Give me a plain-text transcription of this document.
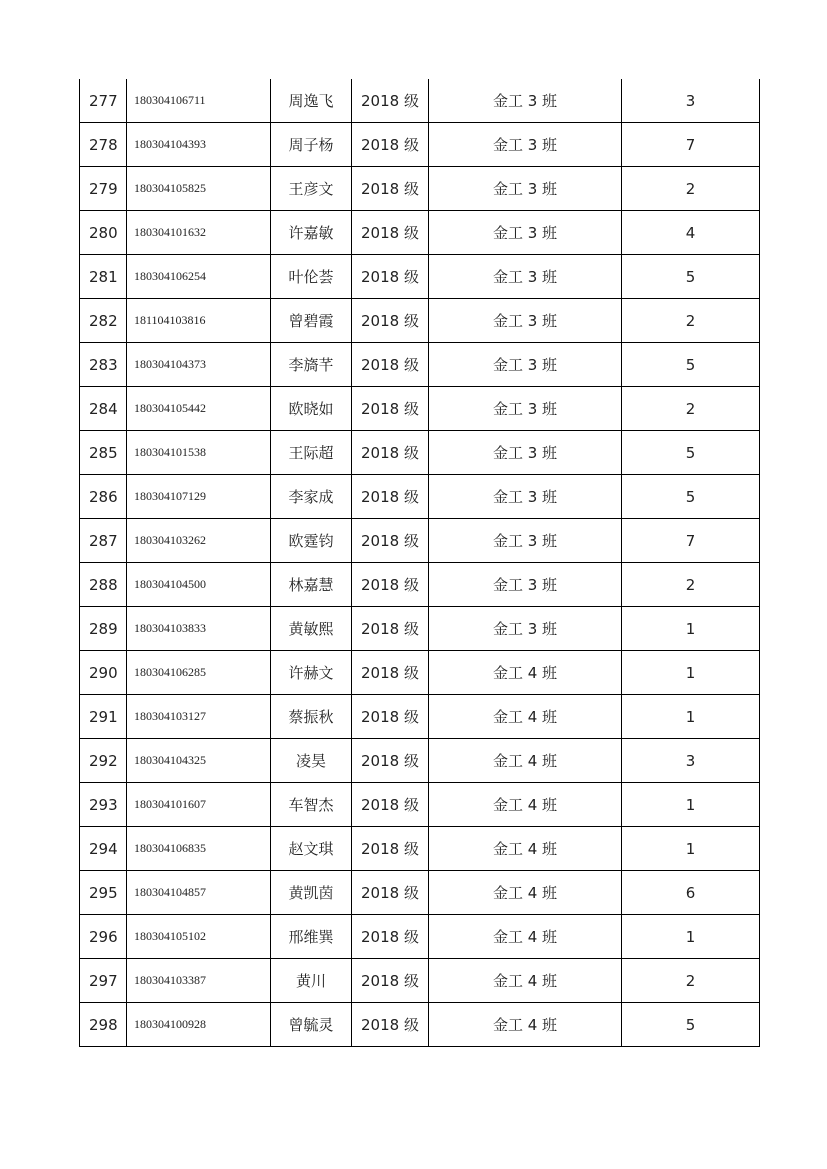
277	180304106711	周逸飞	2018 级	金工 3 班	3
278	180304104393	周子杨	2018 级	金工 3 班	7
279	180304105825	王彦文	2018 级	金工 3 班	2
280	180304101632	许嘉敏	2018 级	金工 3 班	4
281	180304106254	叶伦荟	2018 级	金工 3 班	5
282	181104103816	曾碧霞	2018 级	金工 3 班	2
283	180304104373	李旖芊	2018 级	金工 3 班	5
284	180304105442	欧晓如	2018 级	金工 3 班	2
285	180304101538	王际超	2018 级	金工 3 班	5
286	180304107129	李家成	2018 级	金工 3 班	5
287	180304103262	欧霆钧	2018 级	金工 3 班	7
288	180304104500	林嘉慧	2018 级	金工 3 班	2
289	180304103833	黄敏熙	2018 级	金工 3 班	1
290	180304106285	许赫文	2018 级	金工 4 班	1
291	180304103127	蔡振秋	2018 级	金工 4 班	1
292	180304104325	凌昊	2018 级	金工 4 班	3
293	180304101607	车智杰	2018 级	金工 4 班	1
294	180304106835	赵文琪	2018 级	金工 4 班	1
295	180304104857	黄凯茵	2018 级	金工 4 班	6
296	180304105102	邢维巽	2018 级	金工 4 班	1
297	180304103387	黄川	2018 级	金工 4 班	2
298	180304100928	曾毓灵	2018 级	金工 4 班	5
